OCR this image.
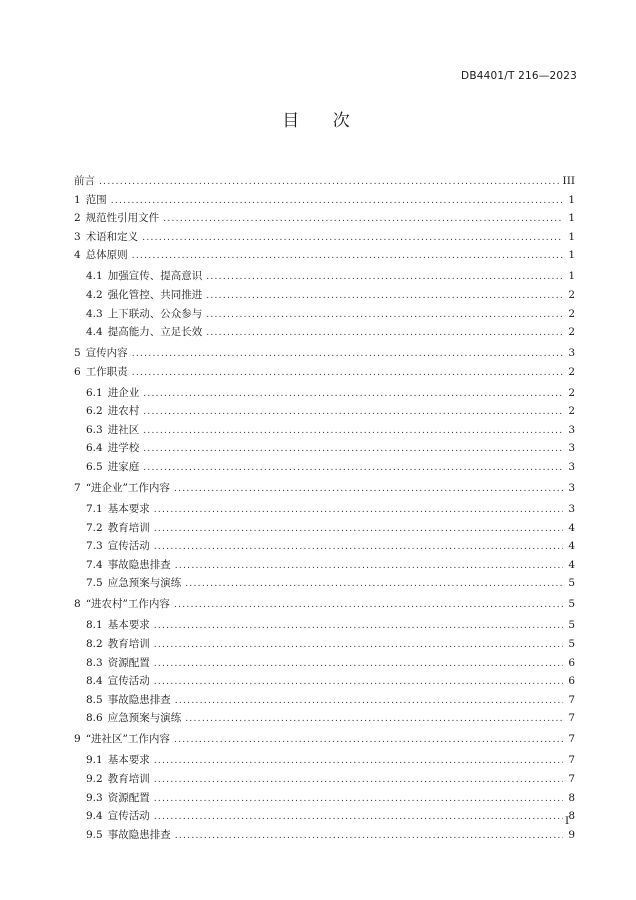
DB4401/T 216—2023
目 次
前言 .....	III
1 范围 .....	1
2 规范性引用文件 .....	1
3 术语和定义 .....	1
4 总体原则 .....	1
4.1 加强宣传、提高意识 .....	1
4.2 强化管控、共同推进 .....	2
4.3 上下联动、公众参与 .....	2
4.4 提高能力、立足长效 .....	2
5 宣传内容 .....	3
6 工作职责 .....	2
6.1 进企业 .....	2
6.2 进农村 .....	2
6.3 进社区 .....	3
6.4 进学校 .....	3
6.5 进家庭 .....	3
7 “进企业”工作内容 .....	3
7.1 基本要求 .....	3
7.2 教育培训 .....	4
7.3 宣传活动 .....	4
7.4 事故隐患排查 .....	4
7.5 应急预案与演练 .....	5
8 “进农村”工作内容 .....	5
8.1 基本要求 .....	5
8.2 教育培训 .....	5
8.3 资源配置 .....	6
8.4 宣传活动 .....	6
8.5 事故隐患排查 .....	7
8.6 应急预案与演练 .....	7
9 “进社区”工作内容 .....	7
9.1 基本要求 .....	7
9.2 教育培训 .....	7
9.3 资源配置 .....	8
9.4 宣传活动 .....	8
9.5 事故隐患排查 .....	9
I
